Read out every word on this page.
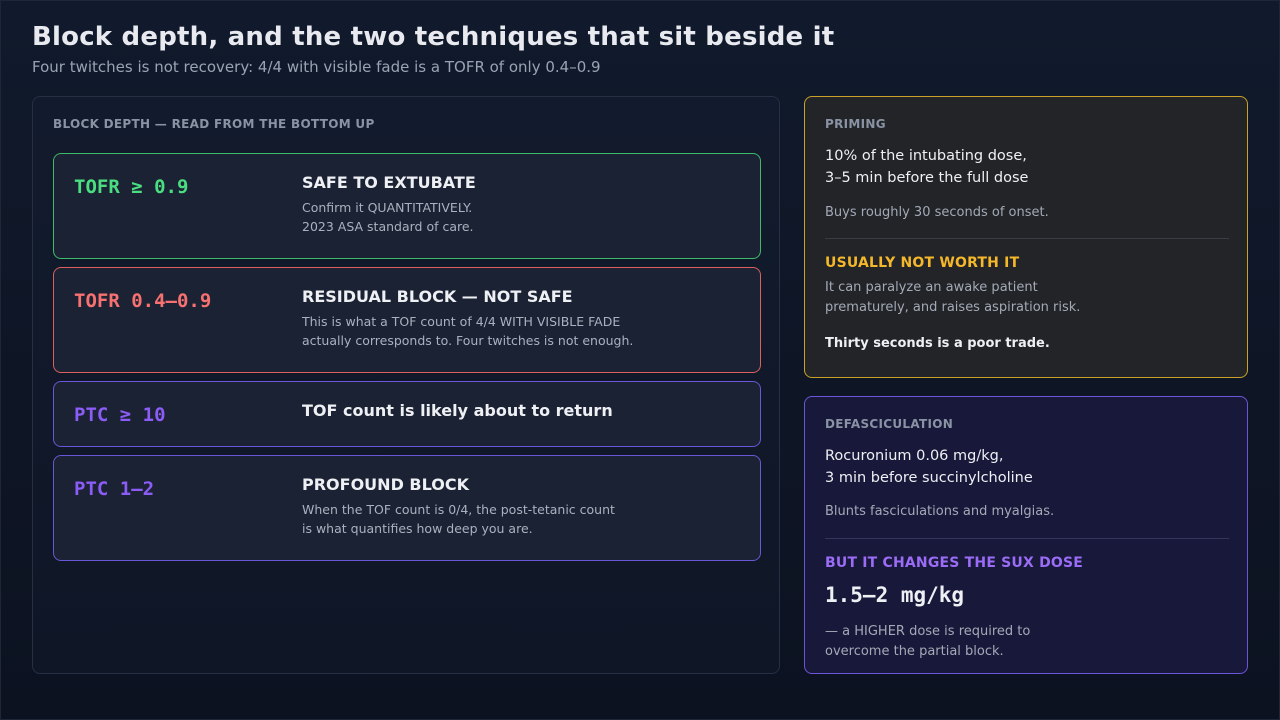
Block depth, and the two techniques that sit beside it
Four twitches is not recovery: 4/4 with visible fade is a TOFR of only 0.4–0.9
BLOCK DEPTH — READ FROM THE BOTTOM UP
TOFR ≥ 0.9	SAFE TO EXTUBATE
Confirm it QUANTITATIVELY.
2023 ASA standard of care.
TOFR 0.4–0.9	RESIDUAL BLOCK — NOT SAFE
This is what a TOF count of 4/4 WITH VISIBLE FADE
actually corresponds to. Four twitches is not enough.
PTC ≥ 10	TOF count is likely about to return
PTC 1–2	PROFOUND BLOCK
When the TOF count is 0/4, the post-tetanic count
is what quantifies how deep you are.
PRIMING
10% of the intubating dose,
3–5 min before the full dose
Buys roughly 30 seconds of onset.
USUALLY NOT WORTH IT
It can paralyze an awake patient
prematurely, and raises aspiration risk.
Thirty seconds is a poor trade.
DEFASCICULATION
Rocuronium 0.06 mg/kg,
3 min before succinylcholine
Blunts fasciculations and myalgias.
BUT IT CHANGES THE SUX DOSE
1.5–2 mg/kg
— a HIGHER dose is required to
overcome the partial block.
